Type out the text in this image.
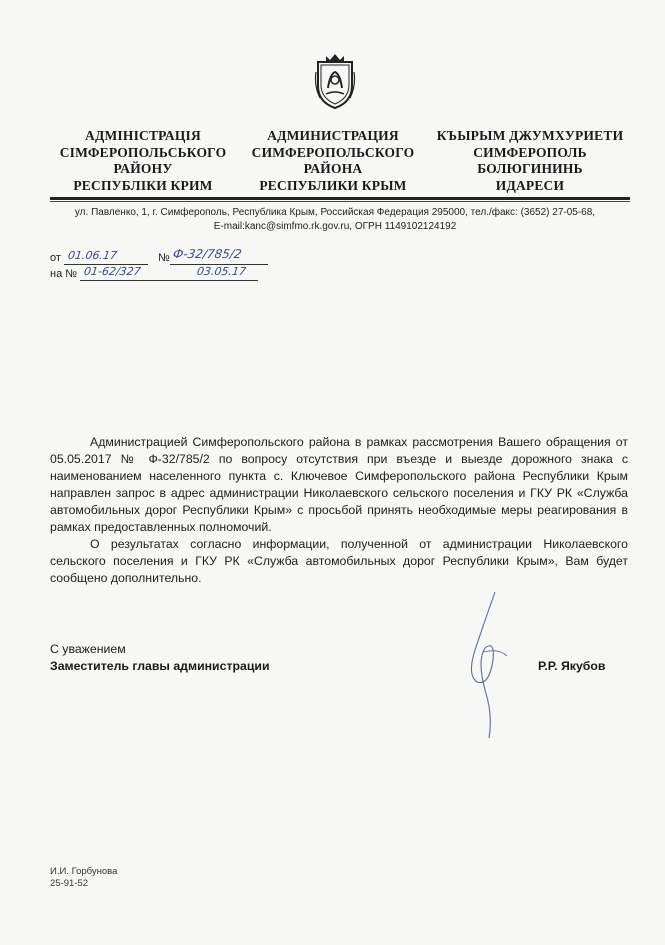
АДМІНІСТРАЦІЯ
СІМФЕРОПОЛЬСЬКОГО
РАЙОНУ
РЕСПУБЛІКИ КРИМ
АДМИНИСТРАЦИЯ
СИМФЕРОПОЛЬСКОГО
РАЙОНА
РЕСПУБЛИКИ КРЫМ
КЪЫРЫМ ДЖУМХУРИЕТИ
СИМФЕРОПОЛЬ
БОЛЮГИНИНЬ
ИДАРЕСИ
ул. Павленко, 1, г. Симферополь, Республика Крым, Российская Федерация 295000, тел./факс: (3652) 27-05-68,
E-mail:kanc@simfmo.rk.gov.ru, ОГРН 1149102124192
от 01.06.17	№ Ф-32/785/2
на № 01-62/327	03.05.17

Администрацией Симферопольского района в рамках рассмотрения Вашего обращения от 05.05.2017 № Ф-32/785/2 по вопросу отсутствия при въезде и выезде дорожного знака с наименованием населенного пункта с. Ключевое Симферопольского района Республики Крым направлен запрос в адрес администрации Николаевского сельского поселения и ГКУ РК «Служба автомобильных дорог Республики Крым» с просьбой принять необходимые меры реагирования в рамках предоставленных полномочий.

О результатах согласно информации, полученной от администрации Николаевского сельского поселения и ГКУ РК «Служба автомобильных дорог Республики Крым», Вам будет сообщено дополнительно.

С уважением
Заместитель главы администрации	Р.Р. Якубов
И.И. Горбунова
25-91-52
